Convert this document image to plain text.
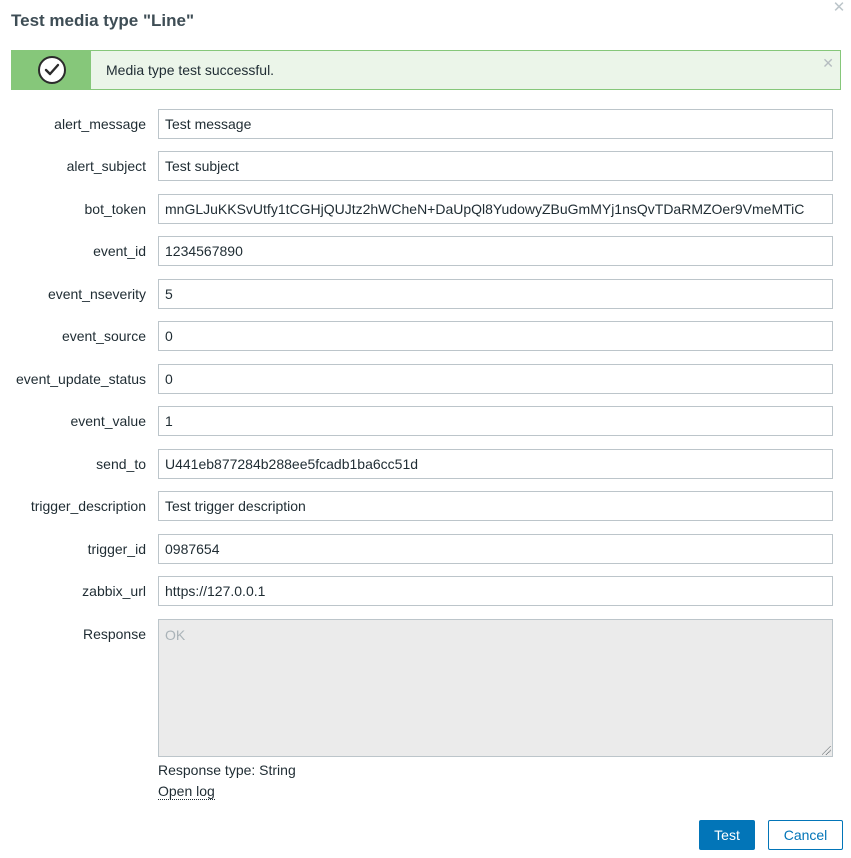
Test media type "Line"
✕
Media type test successful.	✕
alert_message	Test message
alert_subject	Test subject
bot_token	mnGLJuKKSvUtfy1tCGHjQUJtz2hWCheN+DaUpQl8YudowyZBuGmMYj1nsQvTDaRMZOer9VmeMTiC
event_id	1234567890
event_nseverity	5
event_source	0
event_update_status	0
event_value	1
send_to	U441eb877284b288ee5fcadb1ba6cc51d
trigger_description	Test trigger description
trigger_id	0987654
zabbix_url	https://127.0.0.1
Response	OK
Response type: String
Open log
Test	Cancel
